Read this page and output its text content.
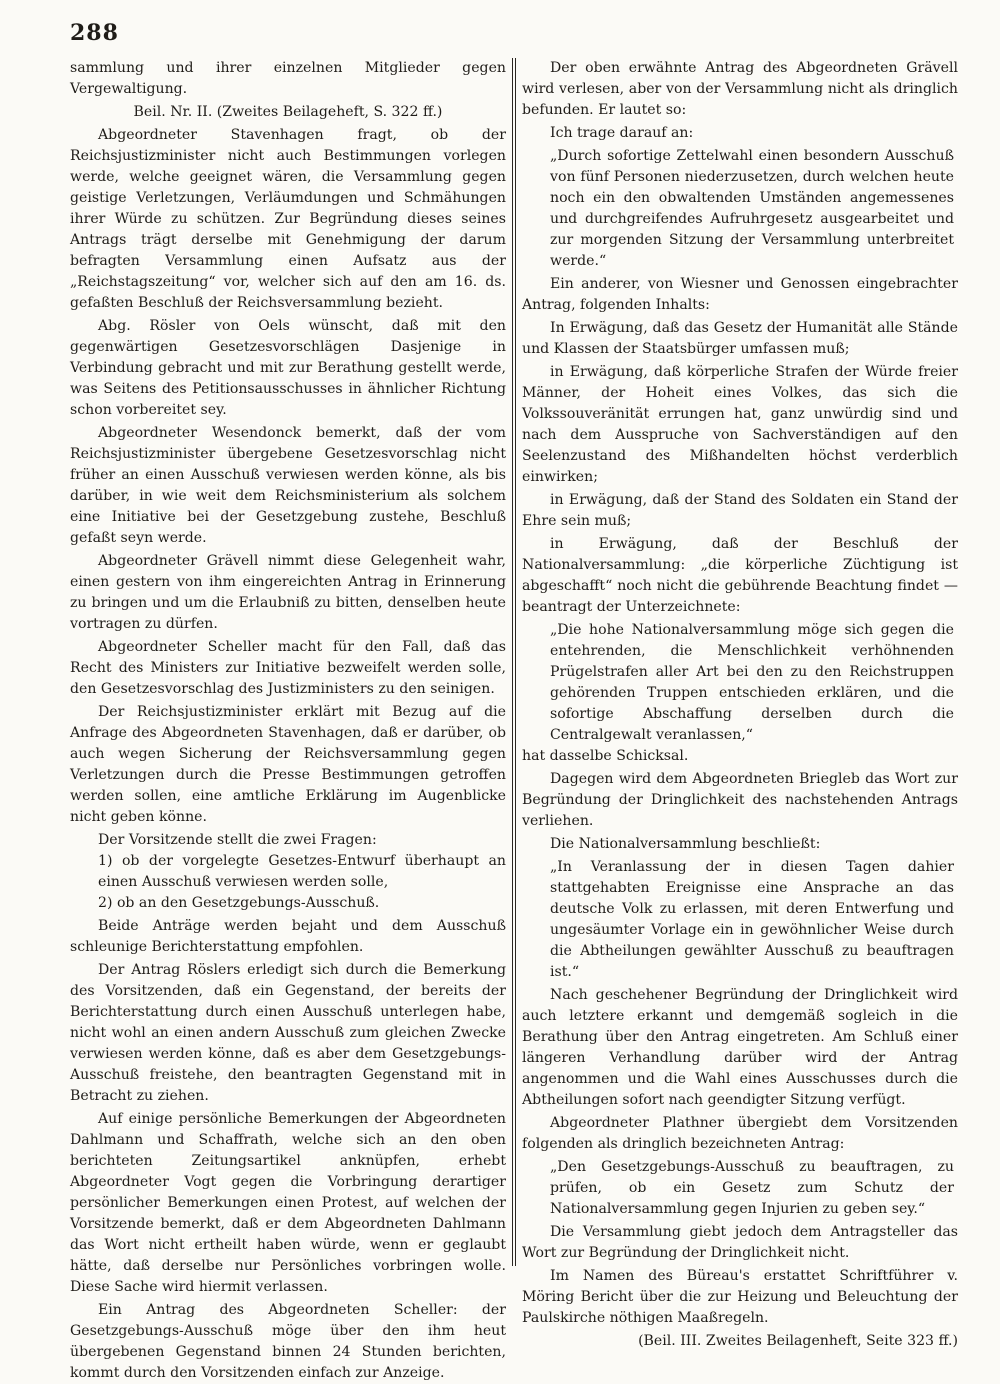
288

sammlung und ihrer einzelnen Mitglieder gegen Vergewaltigung.

Beil. Nr. II. (Zweites Beilageheft, S. 322 ff.)

Abgeordneter Stavenhagen fragt, ob der Reichsjustizminister nicht auch Bestimmungen vorlegen werde, welche geeignet wären, die Versammlung gegen geistige Verletzungen, Verläumdungen und Schmähungen ihrer Würde zu schützen. Zur Begründung dieses seines Antrags trägt derselbe mit Genehmigung der darum befragten Versammlung einen Aufsatz aus der „Reichstagszeitung“ vor, welcher sich auf den am 16. ds. gefaßten Beschluß der Reichsversammlung bezieht.

Abg. Rösler von Oels wünscht, daß mit den gegenwärtigen Gesetzesvorschlägen Dasjenige in Verbindung gebracht und mit zur Berathung gestellt werde, was Seitens des Petitionsausschusses in ähnlicher Richtung schon vorbereitet sey.

Abgeordneter Wesendonck bemerkt, daß der vom Reichsjustizminister übergebene Gesetzesvorschlag nicht früher an einen Ausschuß verwiesen werden könne, als bis darüber, in wie weit dem Reichsministerium als solchem eine Initiative bei der Gesetzgebung zustehe, Beschluß gefaßt seyn werde.

Abgeordneter Grävell nimmt diese Gelegenheit wahr, einen gestern von ihm eingereichten Antrag in Erinnerung zu bringen und um die Erlaubniß zu bitten, denselben heute vortragen zu dürfen.

Abgeordneter Scheller macht für den Fall, daß das Recht des Ministers zur Initiative bezweifelt werden solle, den Gesetzesvorschlag des Justizministers zu den seinigen.

Der Reichsjustizminister erklärt mit Bezug auf die Anfrage des Abgeordneten Stavenhagen, daß er darüber, ob auch wegen Sicherung der Reichsversammlung gegen Verletzungen durch die Presse Bestimmungen getroffen werden sollen, eine amtliche Erklärung im Augenblicke nicht geben könne.

Der Vorsitzende stellt die zwei Fragen:

1) ob der vorgelegte Gesetzes-Entwurf überhaupt an einen Ausschuß verwiesen werden solle,

2) ob an den Gesetzgebungs-Ausschuß.

Beide Anträge werden bejaht und dem Ausschuß schleunige Berichterstattung empfohlen.

Der Antrag Röslers erledigt sich durch die Bemerkung des Vorsitzenden, daß ein Gegenstand, der bereits der Berichterstattung durch einen Ausschuß unterlegen habe, nicht wohl an einen andern Ausschuß zum gleichen Zwecke verwiesen werden könne, daß es aber dem Gesetzgebungs-Ausschuß freistehe, den beantragten Gegenstand mit in Betracht zu ziehen.

Auf einige persönliche Bemerkungen der Abgeordneten Dahlmann und Schaffrath, welche sich an den oben berichteten Zeitungsartikel anknüpfen, erhebt Abgeordneter Vogt gegen die Vorbringung derartiger persönlicher Bemerkungen einen Protest, auf welchen der Vorsitzende bemerkt, daß er dem Abgeordneten Dahlmann das Wort nicht ertheilt haben würde, wenn er geglaubt hätte, daß derselbe nur Persönliches vorbringen wolle. Diese Sache wird hiermit verlassen.

Ein Antrag des Abgeordneten Scheller: der Gesetzgebungs-Ausschuß möge über den ihm heut übergebenen Gegenstand binnen 24 Stunden berichten, kommt durch den Vorsitzenden einfach zur Anzeige.

Der oben erwähnte Antrag des Abgeordneten Grävell wird verlesen, aber von der Versammlung nicht als dringlich befunden. Er lautet so:

Ich trage darauf an:

„Durch sofortige Zettelwahl einen besondern Ausschuß von fünf Personen niederzusetzen, durch welchen heute noch ein den obwaltenden Umständen angemessenes und durchgreifendes Aufruhrgesetz ausgearbeitet und zur morgenden Sitzung der Versammlung unterbreitet werde.“

Ein anderer, von Wiesner und Genossen eingebrachter Antrag, folgenden Inhalts:

In Erwägung, daß das Gesetz der Humanität alle Stände und Klassen der Staatsbürger umfassen muß;

in Erwägung, daß körperliche Strafen der Würde freier Männer, der Hoheit eines Volkes, das sich die Volkssouveränität errungen hat, ganz unwürdig sind und nach dem Ausspruche von Sachverständigen auf den Seelenzustand des Mißhandelten höchst verderblich einwirken;

in Erwägung, daß der Stand des Soldaten ein Stand der Ehre sein muß;

in Erwägung, daß der Beschluß der Nationalversammlung: „die körperliche Züchtigung ist abgeschafft“ noch nicht die gebührende Beachtung findet — beantragt der Unterzeichnete:

„Die hohe Nationalversammlung möge sich gegen die entehrenden, die Menschlichkeit verhöhnenden Prügelstrafen aller Art bei den zu den Reichstruppen gehörenden Truppen entschieden erklären, und die sofortige Abschaffung derselben durch die Centralgewalt veranlassen,“

hat dasselbe Schicksal.

Dagegen wird dem Abgeordneten Briegleb das Wort zur Begründung der Dringlichkeit des nachstehenden Antrags verliehen.

Die Nationalversammlung beschließt:

„In Veranlassung der in diesen Tagen dahier stattgehabten Ereignisse eine Ansprache an das deutsche Volk zu erlassen, mit deren Entwerfung und ungesäumter Vorlage ein in gewöhnlicher Weise durch die Abtheilungen gewählter Ausschuß zu beauftragen ist.“

Nach geschehener Begründung der Dringlichkeit wird auch letztere erkannt und demgemäß sogleich in die Berathung über den Antrag eingetreten. Am Schluß einer längeren Verhandlung darüber wird der Antrag angenommen und die Wahl eines Ausschusses durch die Abtheilungen sofort nach geendigter Sitzung verfügt.

Abgeordneter Plathner übergiebt dem Vorsitzenden folgenden als dringlich bezeichneten Antrag:

„Den Gesetzgebungs-Ausschuß zu beauftragen, zu prüfen, ob ein Gesetz zum Schutz der Nationalversammlung gegen Injurien zu geben sey.“

Die Versammlung giebt jedoch dem Antragsteller das Wort zur Begründung der Dringlichkeit nicht.

Im Namen des Büreau's erstattet Schriftführer v. Möring Bericht über die zur Heizung und Beleuchtung der Paulskirche nöthigen Maaßregeln.

(Beil. III. Zweites Beilagenheft, Seite 323 ff.)
